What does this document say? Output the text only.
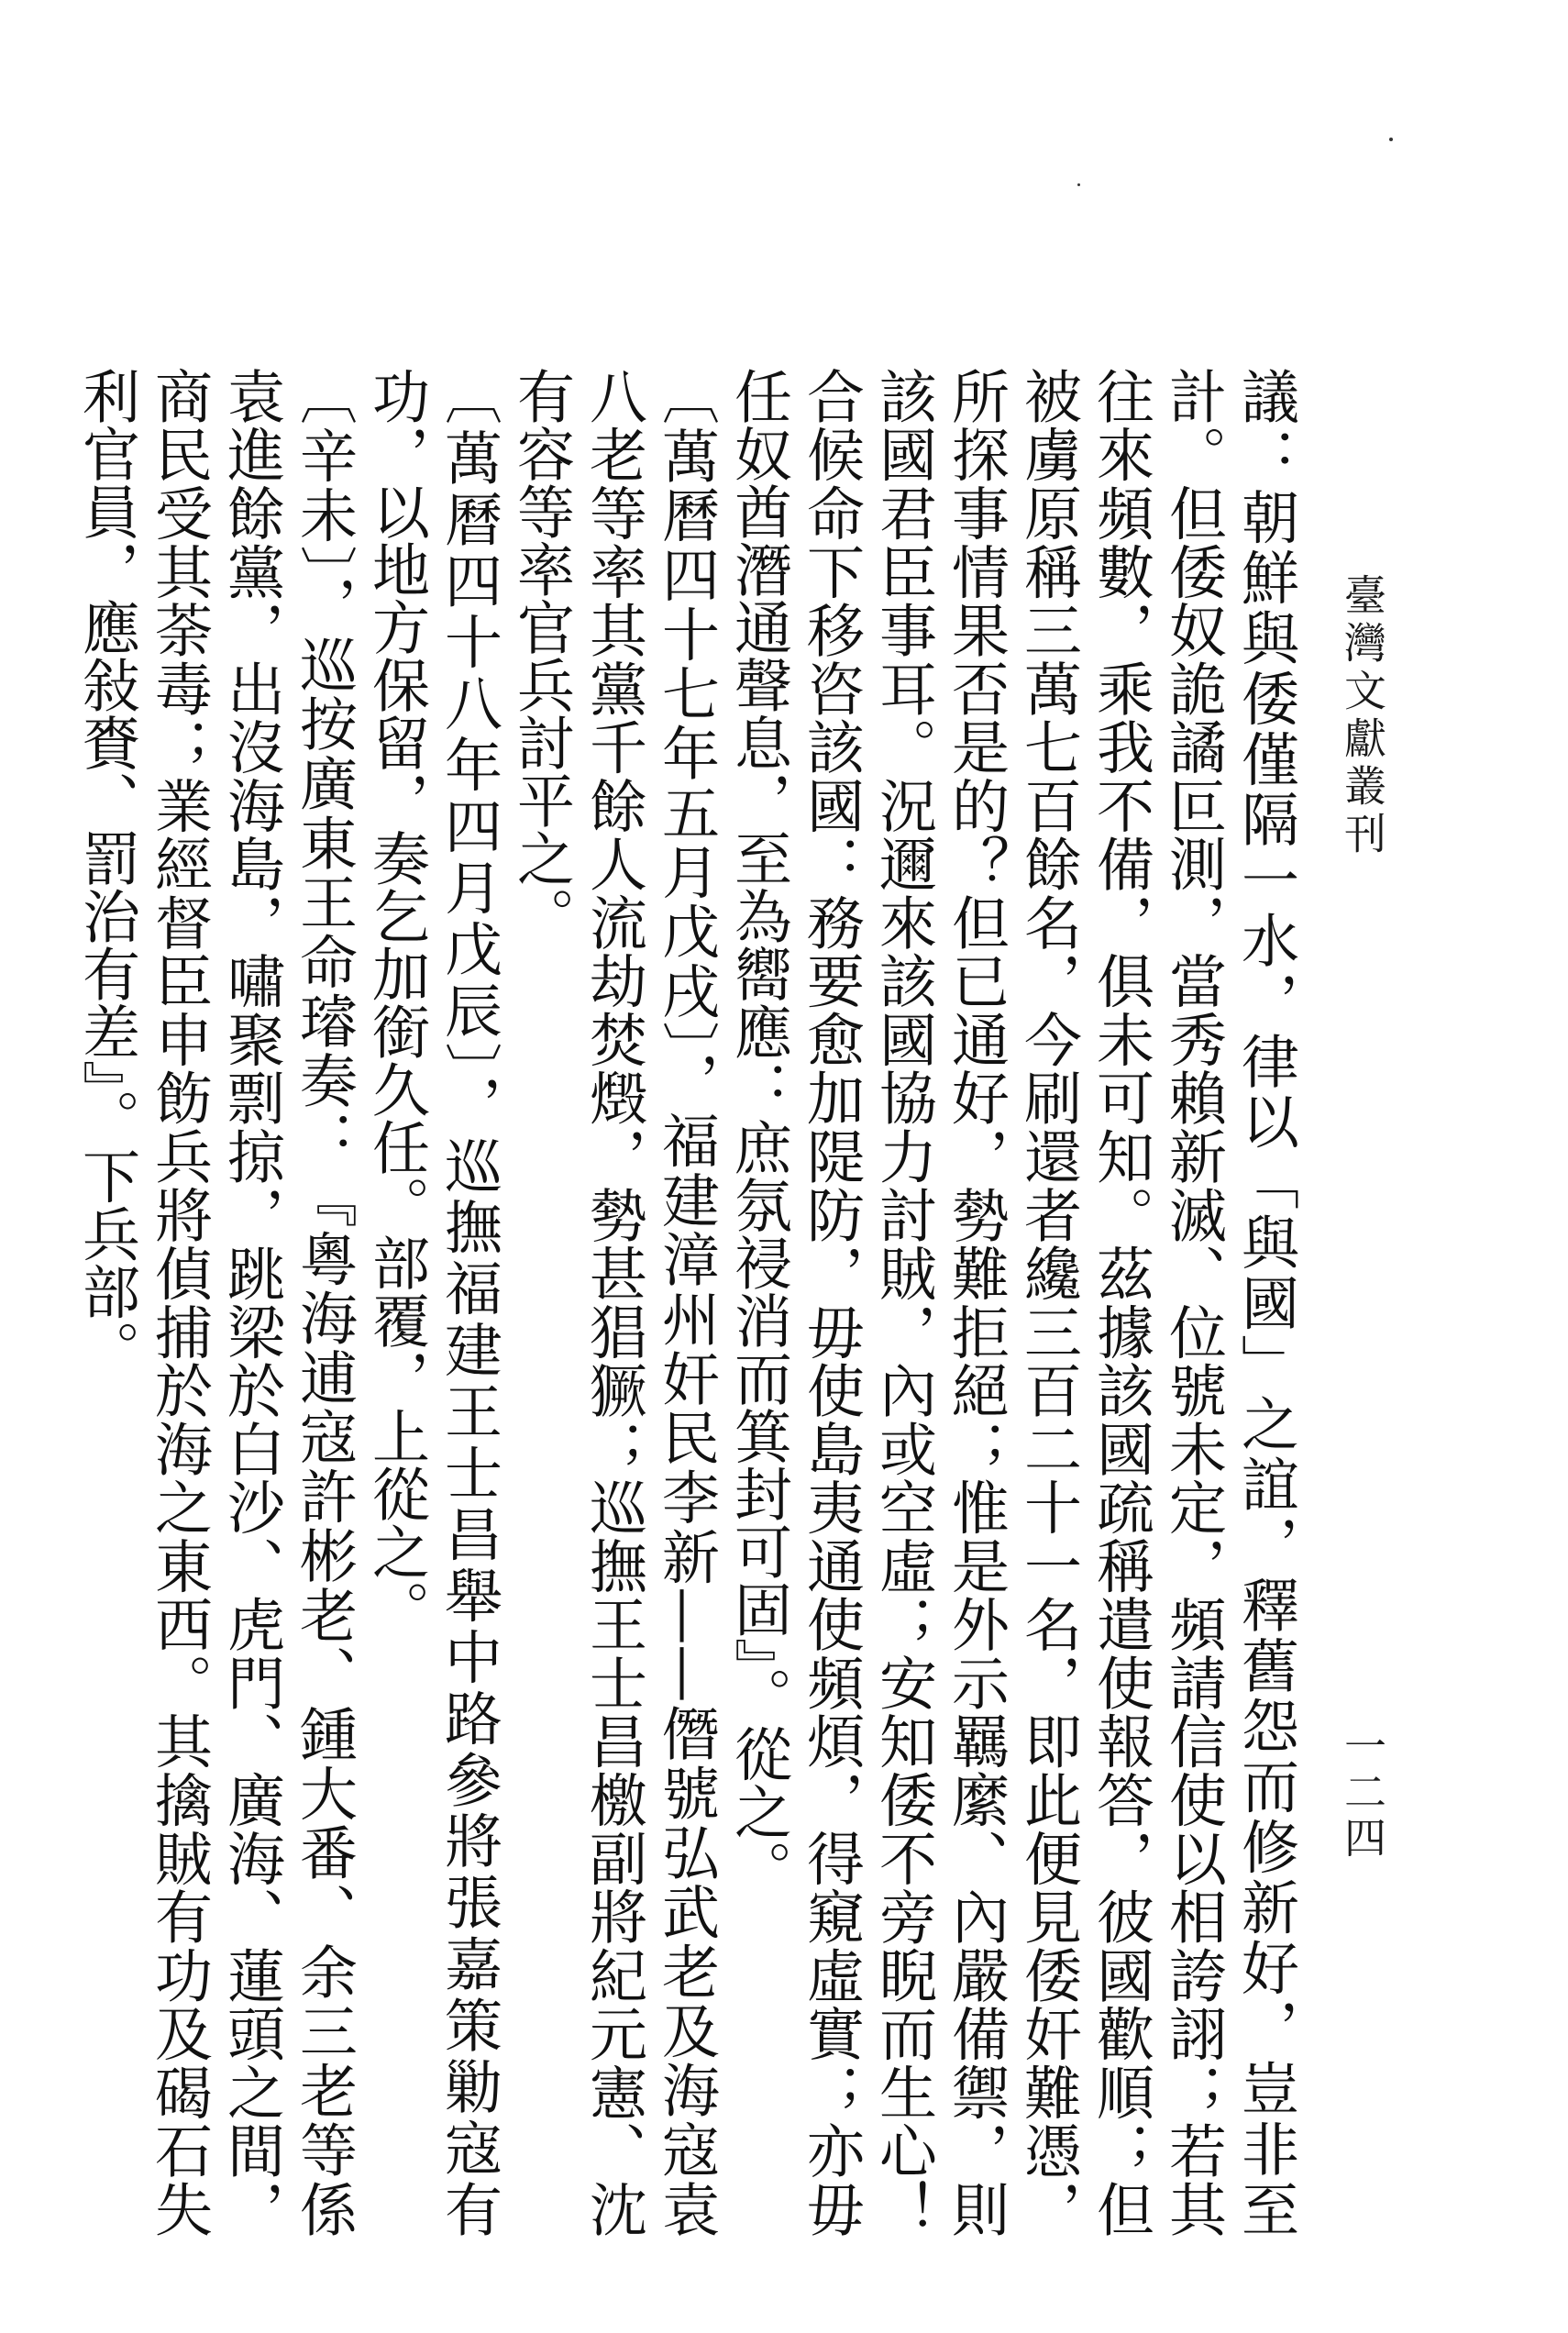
臺灣文獻叢刊
一二四

議：朝鮮與倭僅隔一水，律以「與國」之誼，釋舊怨而修新好，豈非至計。但倭奴詭譎叵測，當秀賴新滅、位號未定，頻請信使以相誇詡；若其往來頻數，乘我不備，俱未可知。茲據該國疏稱遣使報答，彼國歡順；但被虜原稱三萬七百餘名，今刷還者纔三百二十一名，即此便見倭奸難憑，所探事情果否是的？但已通好，勢難拒絕；惟是外示羈縻、內嚴備禦，則該國君臣事耳。況邇來該國協力討賊，內或空虛；安知倭不旁睨而生心！合候命下移咨該國：務要愈加隄防，毋使島夷通使頻煩，得窺虛實；亦毋任奴酋潛通聲息，至為嚮應：庶氛祲消而箕封可固』。從之。

〔萬曆四十七年五月戊戌〕，福建漳州奸民李新——僭號弘武老及海寇袁八老等率其黨千餘人流劫焚燬，勢甚猖獗；巡撫王士昌檄副將紀元憲、沈有容等率官兵討平之。

〔萬曆四十八年四月戊辰〕，巡撫福建王士昌舉中路參將張嘉策勦寇有功，以地方保留，奏乞加銜久任。部覆，上從之。

〔辛未〕，巡按廣東王命璿奏：『粵海逋寇許彬老、鍾大番、余三老等係袁進餘黨，出沒海島，嘯聚剽掠，跳梁於白沙、虎門、廣海、蓮頭之間，商民受其荼毒；業經督臣申飭兵將偵捕於海之東西。其擒賊有功及碣石失利官員，應敍賚、罰治有差』。下兵部。
